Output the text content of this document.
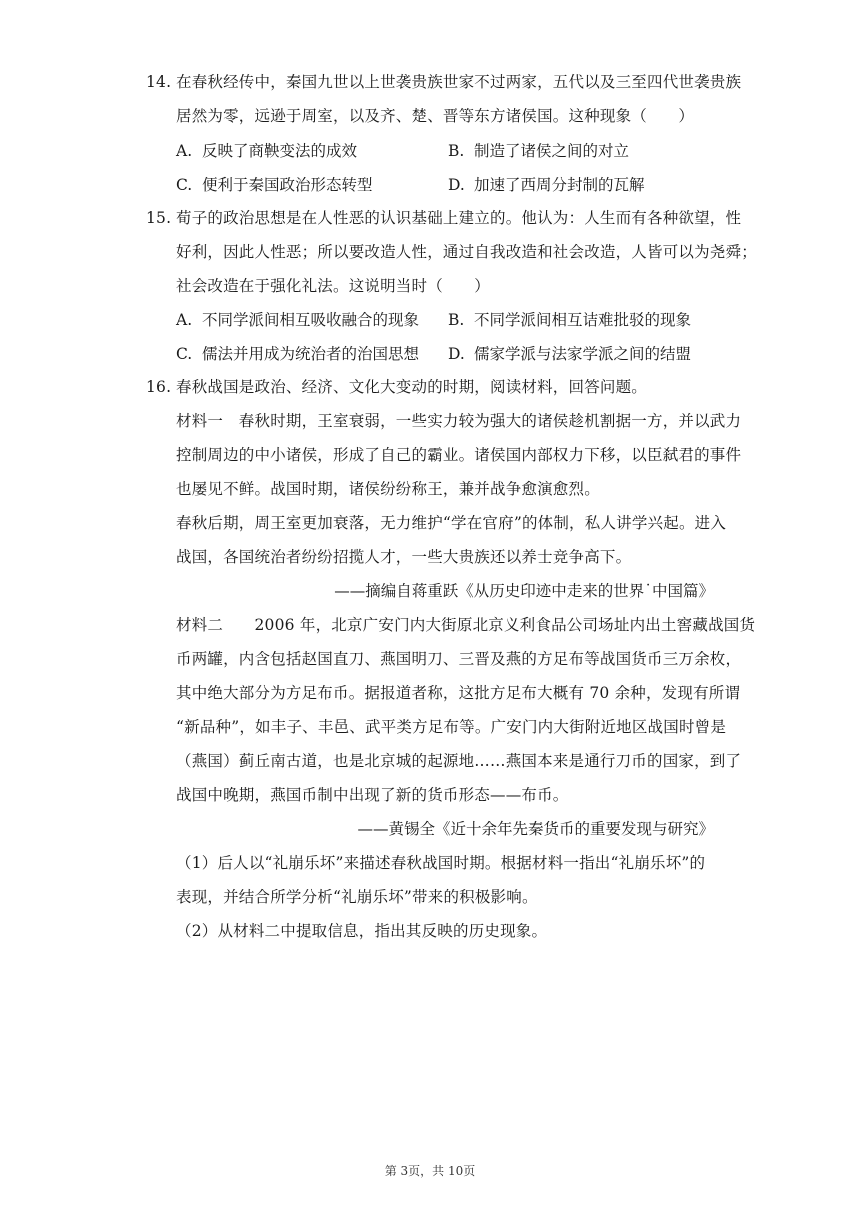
14. 在春秋经传中，秦国九世以上世袭贵族世家不过两家，五代以及三至四代世袭贵族
居然为零，远逊于周室，以及齐、楚、晋等东方诸侯国。这种现象（　　）
A. 反映了商鞅变法的成效	B. 制造了诸侯之间的对立
C. 便利于秦国政治形态转型	D. 加速了西周分封制的瓦解
15. 荀子的政治思想是在人性恶的认识基础上建立的。他认为：人生而有各种欲望，性
好利，因此人性恶；所以要改造人性，通过自我改造和社会改造，人皆可以为尧舜；
社会改造在于强化礼法。这说明当时（　　）
A. 不同学派间相互吸收融合的现象 B. 不同学派间相互诘难批驳的现象
C. 儒法并用成为统治者的治国思想 D. 儒家学派与法家学派之间的结盟
16. 春秋战国是政治、经济、文化大变动的时期，阅读材料，回答问题。
材料一　春秋时期，王室衰弱，一些实力较为强大的诸侯趁机割据一方，并以武力
控制周边的中小诸侯，形成了自己的霸业。诸侯国内部权力下移，以臣弑君的事件
也屡见不鲜。战国时期，诸侯纷纷称王，兼并战争愈演愈烈。
春秋后期，周王室更加衰落，无力维护“学在官府”的体制，私人讲学兴起。进入
战国，各国统治者纷纷招揽人才，一些大贵族还以养士竞争高下。
——摘编自蒋重跃《从历史印迹中走来的世界˙中国篇》
材料二　　2006 年，北京广安门内大街原北京义利食品公司场址内出土窖藏战国货
币两罐，内含包括赵国直刀、燕国明刀、三晋及燕的方足布等战国货币三万余枚，
其中绝大部分为方足布币。据报道者称，这批方足布大概有 70 余种，发现有所谓
“新品种”，如丰子、丰邑、武平类方足布等。广安门内大街附近地区战国时曾是
（燕国）蓟丘南古道，也是北京城的起源地……燕国本来是通行刀币的国家，到了
战国中晚期，燕国币制中出现了新的货币形态——布币。
——黄锡全《近十余年先秦货币的重要发现与研究》
（1）后人以“礼崩乐坏”来描述春秋战国时期。根据材料一指出“礼崩乐坏”的
表现，并结合所学分析“礼崩乐坏”带来的积极影响。
（2）从材料二中提取信息，指出其反映的历史现象。
第 3页，共 10页
